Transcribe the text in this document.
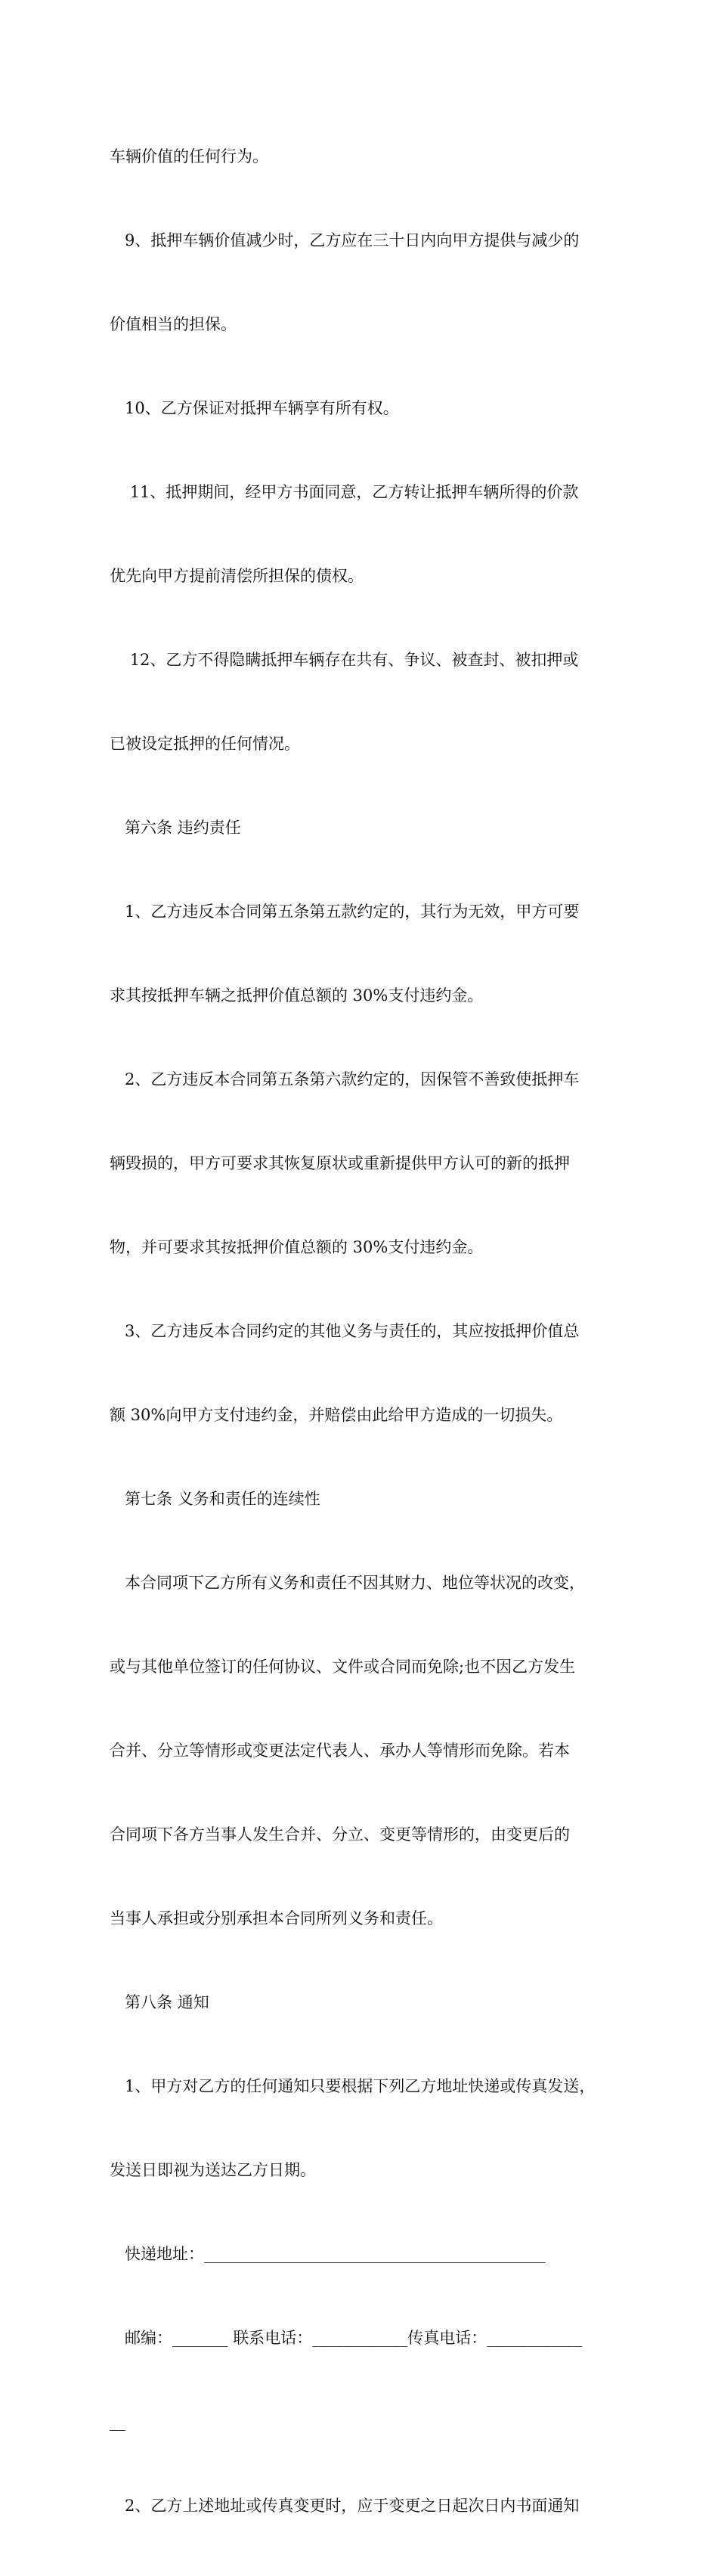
车辆价值的任何行为。

9、抵押车辆价值减少时，乙方应在三十日内向甲方提供与减少的

价值相当的担保。

10、乙方保证对抵押车辆享有所有权。

11、抵押期间，经甲方书面同意，乙方转让抵押车辆所得的价款

优先向甲方提前清偿所担保的债权。

12、乙方不得隐瞒抵押车辆存在共有、争议、被查封、被扣押或

已被设定抵押的任何情况。

第六条 违约责任

1、乙方违反本合同第五条第五款约定的，其行为无效，甲方可要

求其按抵押车辆之抵押价值总额的 30%支付违约金。

2、乙方违反本合同第五条第六款约定的，因保管不善致使抵押车

辆毁损的，甲方可要求其恢复原状或重新提供甲方认可的新的抵押

物，并可要求其按抵押价值总额的 30%支付违约金。

3、乙方违反本合同约定的其他义务与责任的，其应按抵押价值总

额 30%向甲方支付违约金，并赔偿由此给甲方造成的一切损失。

第七条 义务和责任的连续性

本合同项下乙方所有义务和责任不因其财力、地位等状况的改变，

或与其他单位签订的任何协议、文件或合同而免除;也不因乙方发生

合并、分立等情形或变更法定代表人、承办人等情形而免除。若本

合同项下各方当事人发生合并、分立、变更等情形的，由变更后的

当事人承担或分别承担本合同所列义务和责任。

第八条 通知

1、甲方对乙方的任何通知只要根据下列乙方地址快递或传真发送，

发送日即视为送达乙方日期。

快递地址：___________________________________________

邮编：_______ 联系电话：____________传真电话：____________

__

2、乙方上述地址或传真变更时，应于变更之日起次日内书面通知
